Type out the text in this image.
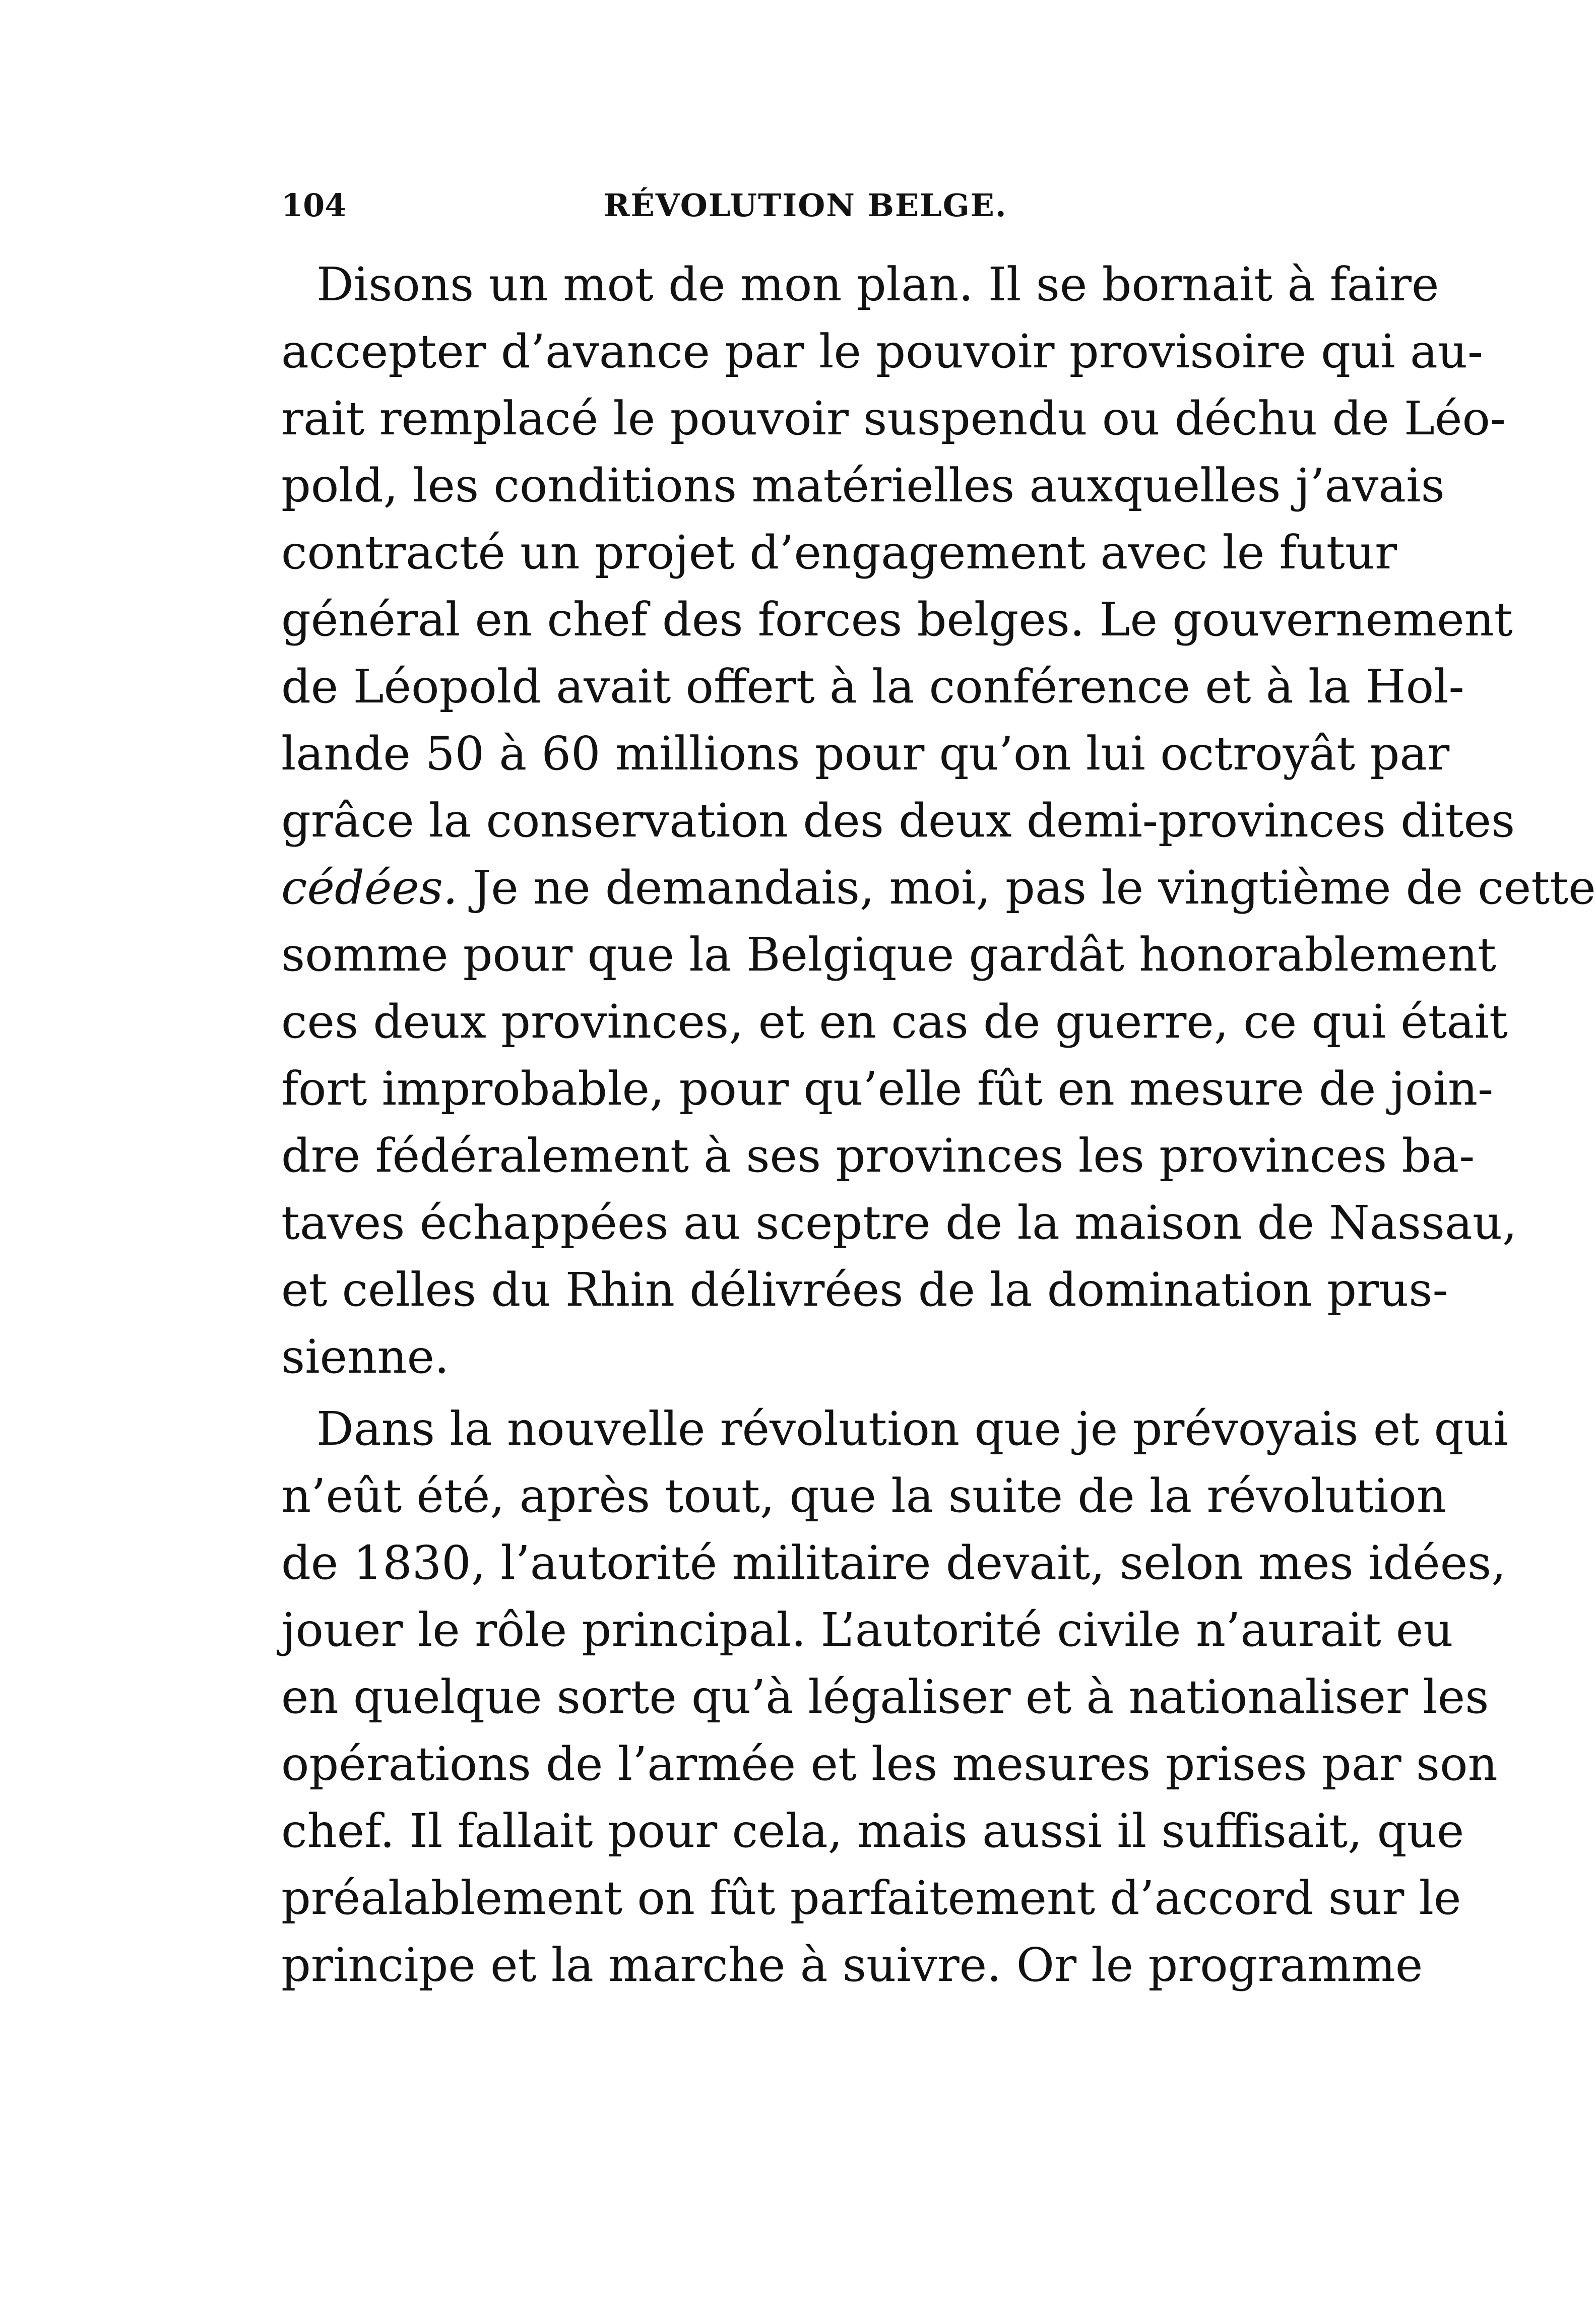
104	RÉVOLUTION BELGE.
Disons un mot de mon plan. Il se bornait à faire
accepter d’avance par le pouvoir provisoire qui au-
rait remplacé le pouvoir suspendu ou déchu de Léo-
pold, les conditions matérielles auxquelles j’avais
contracté un projet d’engagement avec le futur
général en chef des forces belges. Le gouvernement
de Léopold avait offert à la conférence et à la Hol-
lande 50 à 60 millions pour qu’on lui octroyât par
grâce la conservation des deux demi-provinces dites
cédées. Je ne demandais, moi, pas le vingtième de cette
somme pour que la Belgique gardât honorablement
ces deux provinces, et en cas de guerre, ce qui était
fort improbable, pour qu’elle fût en mesure de join-
dre fédéralement à ses provinces les provinces ba-
taves échappées au sceptre de la maison de Nassau,
et celles du Rhin délivrées de la domination prus-
sienne.
Dans la nouvelle révolution que je prévoyais et qui
n’eût été, après tout, que la suite de la révolution
de 1830, l’autorité militaire devait, selon mes idées,
jouer le rôle principal. L’autorité civile n’aurait eu
en quelque sorte qu’à légaliser et à nationaliser les
opérations de l’armée et les mesures prises par son
chef. Il fallait pour cela, mais aussi il suffisait, que
préalablement on fût parfaitement d’accord sur le
principe et la marche à suivre. Or le programme
